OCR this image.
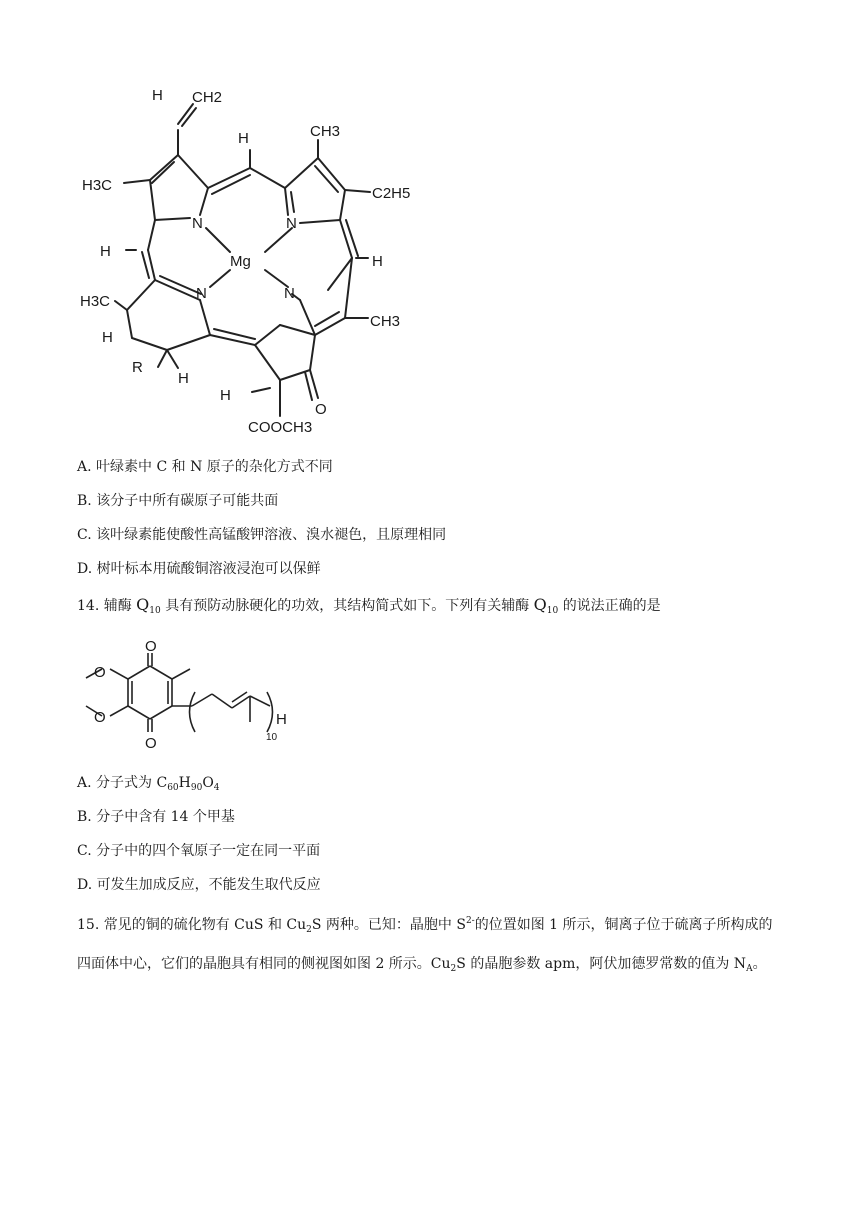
H CH2
H	CH3
H3C	C2H5
N	N
H
Mg	H
N	N
H3C
CH3
H
R
H
H
O
COOCH3
A. 叶绿素中 C 和 N 原子的杂化方式不同
B. 该分子中所有碳原子可能共面
C. 该叶绿素能使酸性高锰酸钾溶液、溴水褪色，且原理相同
D. 树叶标本用硫酸铜溶液浸泡可以保鲜
14. 辅酶 $Q_{10}$ 具有预防动脉硬化的功效，其结构简式如下。下列有关辅酶 $Q_{10}$ 的说法正确的是
O
O
O
O
H
10
A. 分子式为 $C_{60}H_{90}O_4$
B. 分子中含有 14 个甲基
C. 分子中的四个氧原子一定在同一平面
D. 可发生加成反应，不能发生取代反应
15. 常见的铜的硫化物有 CuS 和 $Cu_2S$ 两种。已知：晶胞中 $S^{2-}$的位置如图 1 所示，铜离子位于硫离子所构成的四面体中心，它们的晶胞具有相同的侧视图如图 2 所示。$Cu_2S$ 的晶胞参数 apm，阿伏加德罗常数的值为 $N_A$。
